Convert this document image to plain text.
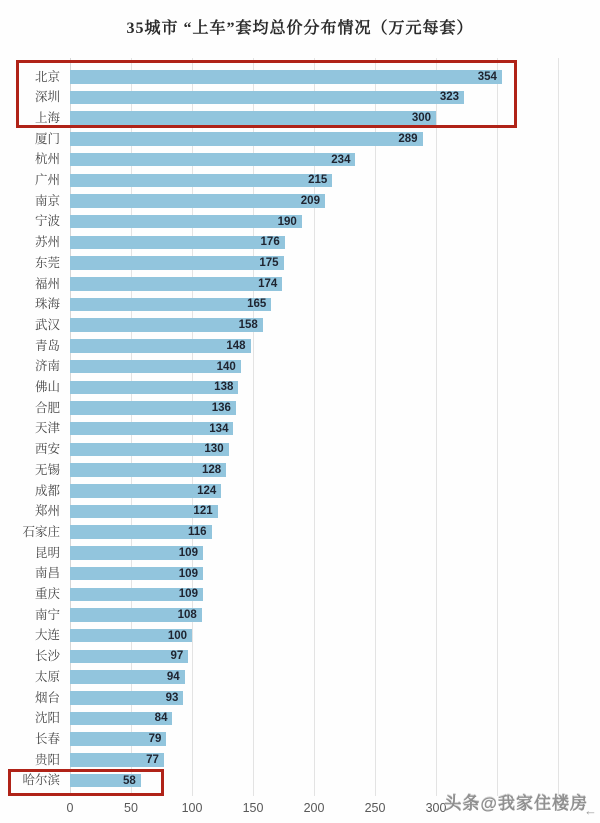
35城市 “上车”套均总价分布情况（万元每套）
北京	354
深圳	323
上海	300
厦门	289
杭州	234
广州	215
南京	209
宁波	190
苏州	176
东莞	175
福州	174
珠海	165
武汉	158
青岛	148
济南	140
佛山	138
合肥	136
天津	134
西安	130
无锡	128
成都	124
郑州	121
石家庄	116
昆明	109
南昌	109
重庆	109
南宁	108
大连	100
长沙	97
太原	94
烟台	93
沈阳	84
长春	79
贵阳	77
哈尔滨	58
0	50	100	150	200	250	300
头条@我家住楼房
←
